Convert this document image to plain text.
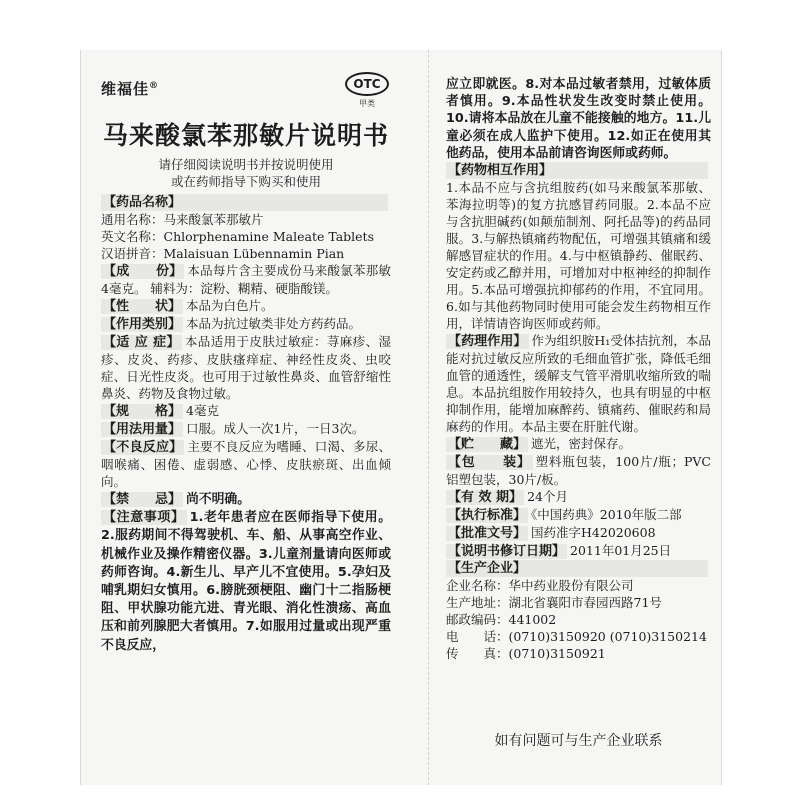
维福佳®	OTC
甲类
马来酸氯苯那敏片说明书
请仔细阅读说明书并按说明使用
或在药师指导下购买和使用

【药品名称】
通用名称：马来酸氯苯那敏片
英文名称：Chlorphenamine Maleate Tablets
汉语拼音：Malaisuan Lübennamin Pian

【成　　份】 本品每片含主要成份马来酸氯苯那敏4毫克。 辅料为：淀粉、糊精、硬脂酸镁。

【性　　状】 本品为白色片。

【作用类别】 本品为抗过敏类非处方药药品。

【适 应 症】 本品适用于皮肤过敏症：荨麻疹、湿疹、皮炎、药疹、皮肤瘙痒症、神经性皮炎、虫咬症、日光性皮炎。也可用于过敏性鼻炎、血管舒缩性鼻炎、药物及食物过敏。

【规　　格】 4毫克

【用法用量】 口服。成人一次1片，一日3次。

【不良反应】 主要不良反应为嗜睡、口渴、多尿、咽喉痛、困倦、虚弱感、心悸、皮肤瘀斑、出血倾向。

【禁　　忌】 尚不明确。

【注意事项】 1.老年患者应在医师指导下使用。2.服药期间不得驾驶机、车、船、从事高空作业、机械作业及操作精密仪器。3.儿童剂量请向医师或药师咨询。4.新生儿、早产儿不宜使用。5.孕妇及哺乳期妇女慎用。6.膀胱颈梗阻、幽门十二指肠梗阻、甲状腺功能亢进、青光眼、消化性溃疡、高血压和前列腺肥大者慎用。7.如服用过量或出现严重不良反应，

应立即就医。8.对本品过敏者禁用，过敏体质者慎用。9.本品性状发生改变时禁止使用。10.请将本品放在儿童不能接触的地方。11.儿童必须在成人监护下使用。12.如正在使用其他药品，使用本品前请咨询医师或药师。

【药物相互作用】
1.本品不应与含抗组胺药(如马来酸氯苯那敏、苯海拉明等)的复方抗感冒药同服。2.本品不应与含抗胆碱药(如颠茄制剂、阿托品等)的药品同服。3.与解热镇痛药物配伍，可增强其镇痛和缓解感冒症状的作用。4.与中枢镇静药、催眠药、安定药或乙醇并用，可增加对中枢神经的抑制作用。5.本品可增强抗抑郁药的作用，不宜同用。6.如与其他药物同时使用可能会发生药物相互作用，详情请咨询医师或药师。

【药理作用】 作为组织胺H₁受体拮抗剂，本品能对抗过敏反应所致的毛细血管扩张，降低毛细血管的通透性，缓解支气管平滑肌收缩所致的喘息。本品抗组胺作用较持久，也具有明显的中枢抑制作用，能增加麻醉药、镇痛药、催眠药和局麻药的作用。本品主要在肝脏代谢。

【贮　　藏】 遮光，密封保存。

【包　　装】 塑料瓶包装，100片/瓶；PVC铝塑包装，30片/板。

【有 效 期】 24个月

【执行标准】 《中国药典》2010年版二部

【批准文号】 国药准字H42020608

【说明书修订日期】 2011年01月25日

【生产企业】
企业名称：华中药业股份有限公司
生产地址：湖北省襄阳市春园西路71号
邮政编码：441002
电　　话：(0710)3150920 (0710)3150214
传　　真：(0710)3150921

如有问题可与生产企业联系
